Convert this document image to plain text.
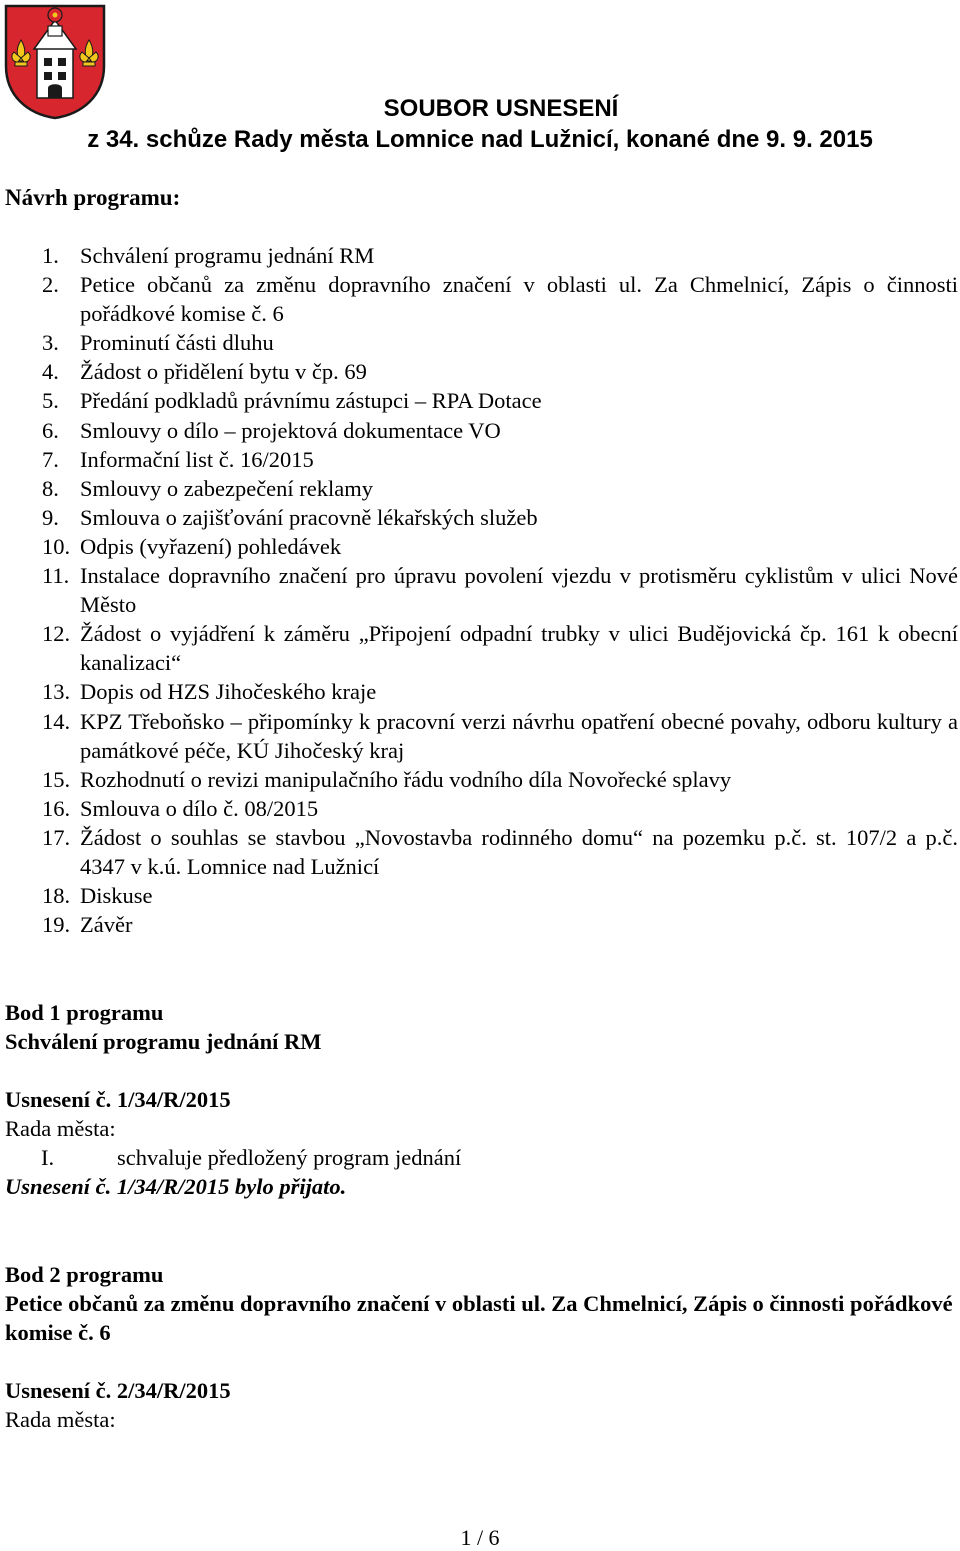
SOUBOR USNESENÍ
z 34. schůze Rady města Lomnice nad Lužnicí, konané dne 9. 9. 2015
Návrh programu:
1. Schválení programu jednání RM
2. Petice občanů za změnu dopravního značení v oblasti ul. Za Chmelnicí, Zápis o činnosti pořádkové komise č. 6
3. Prominutí části dluhu
4. Žádost o přidělení bytu v čp. 69
5. Předání podkladů právnímu zástupci – RPA Dotace
6. Smlouvy o dílo – projektová dokumentace VO
7. Informační list č. 16/2015
8. Smlouvy o zabezpečení reklamy
9. Smlouva o zajišťování pracovně lékařských služeb
10. Odpis (vyřazení) pohledávek
11. Instalace dopravního značení pro úpravu povolení vjezdu v protisměru cyklistům v ulici Nové Město
12. Žádost o vyjádření k záměru „Připojení odpadní trubky v ulici Budějovická čp. 161 k obecní kanalizaci“
13. Dopis od HZS Jihočeského kraje
14. KPZ Třeboňsko – připomínky k pracovní verzi návrhu opatření obecné povahy, odboru kultury a památkové péče, KÚ Jihočeský kraj
15. Rozhodnutí o revizi manipulačního řádu vodního díla Novořecké splavy
16. Smlouva o dílo č. 08/2015
17. Žádost o souhlas se stavbou „Novostavba rodinného domu“ na pozemku p.č. st. 107/2 a p.č. 4347 v k.ú. Lomnice nad Lužnicí
18. Diskuse
19. Závěr
Bod 1 programu
Schválení programu jednání RM
Usnesení č. 1/34/R/2015
Rada města:
I.	schvaluje předložený program jednání
Usnesení č. 1/34/R/2015 bylo přijato.
Bod 2 programu
Petice občanů za změnu dopravního značení v oblasti ul. Za Chmelnicí, Zápis o činnosti pořádkové komise č. 6
Usnesení č. 2/34/R/2015
Rada města:
1 / 6
